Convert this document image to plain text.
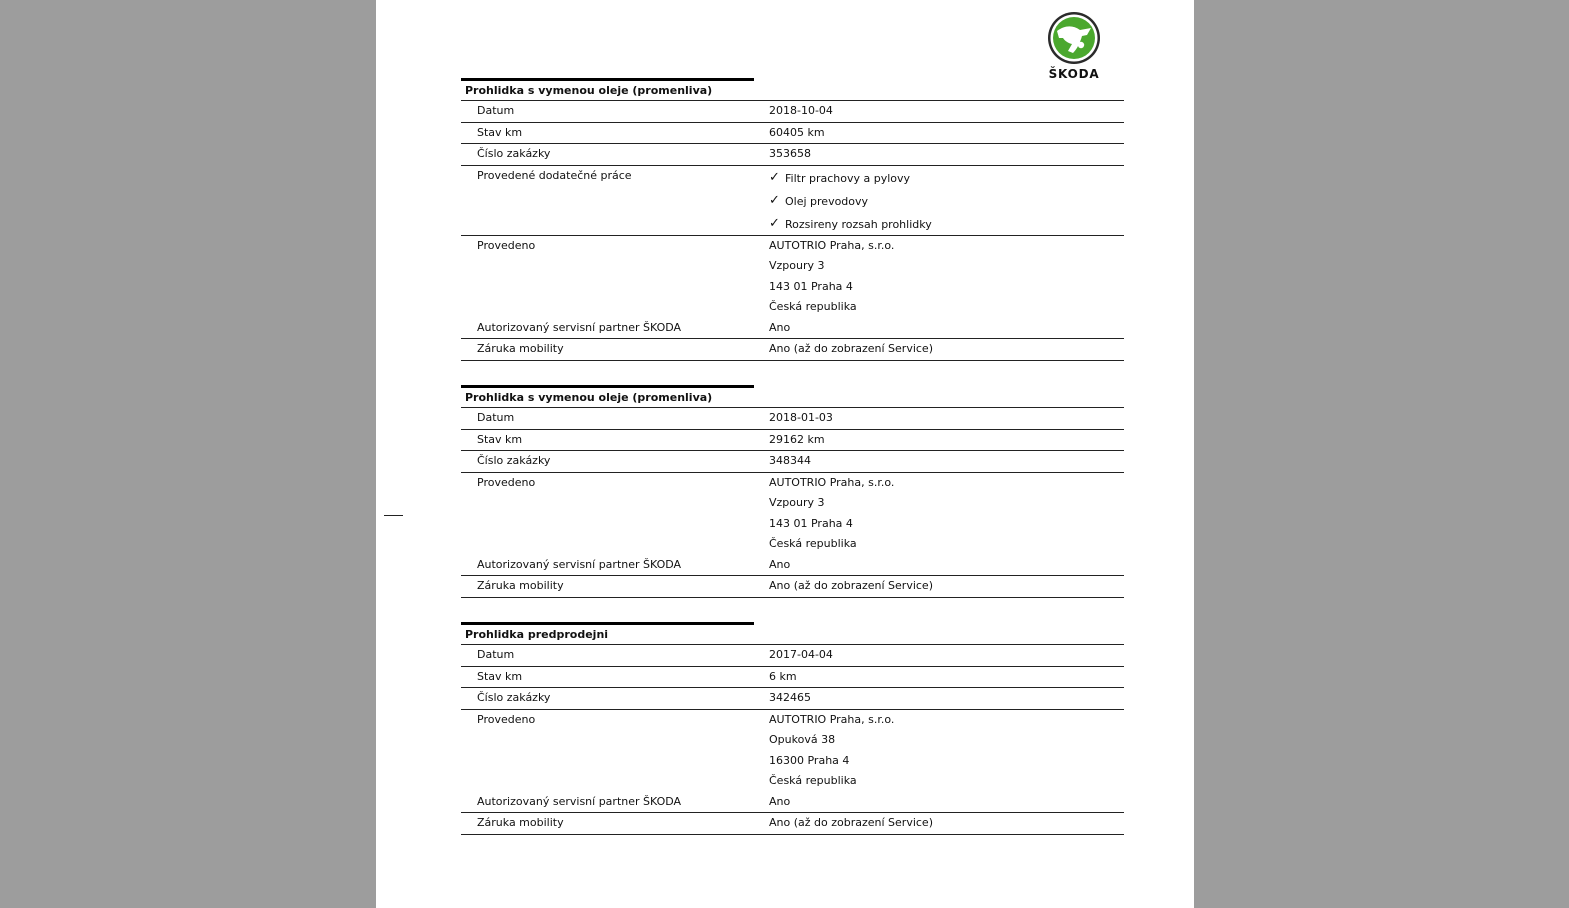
ŠKODA
Prohlidka s vymenou oleje (promenliva)
Datum	2018-10-04
Stav km	60405 km
Číslo zakázky	353658
Provedené dodatečné práce	✓ Filtr prachovy a pylovy
✓ Olej prevodovy
✓ Rozsireny rozsah prohlidky
Provedeno	AUTOTRIO Praha, s.r.o.
Vzpoury 3
143 01 Praha 4
Česká republika
Autorizovaný servisní partner ŠKODA	Ano
Záruka mobility	Ano (až do zobrazení Service)
Prohlidka s vymenou oleje (promenliva)
Datum	2018-01-03
Stav km	29162 km
Číslo zakázky	348344
Provedeno	AUTOTRIO Praha, s.r.o.
Vzpoury 3
143 01 Praha 4
Česká republika
Autorizovaný servisní partner ŠKODA	Ano
Záruka mobility	Ano (až do zobrazení Service)
Prohlidka predprodejni
Datum	2017-04-04
Stav km	6 km
Číslo zakázky	342465
Provedeno	AUTOTRIO Praha, s.r.o.
Opuková 38
16300 Praha 4
Česká republika
Autorizovaný servisní partner ŠKODA	Ano
Záruka mobility	Ano (až do zobrazení Service)
